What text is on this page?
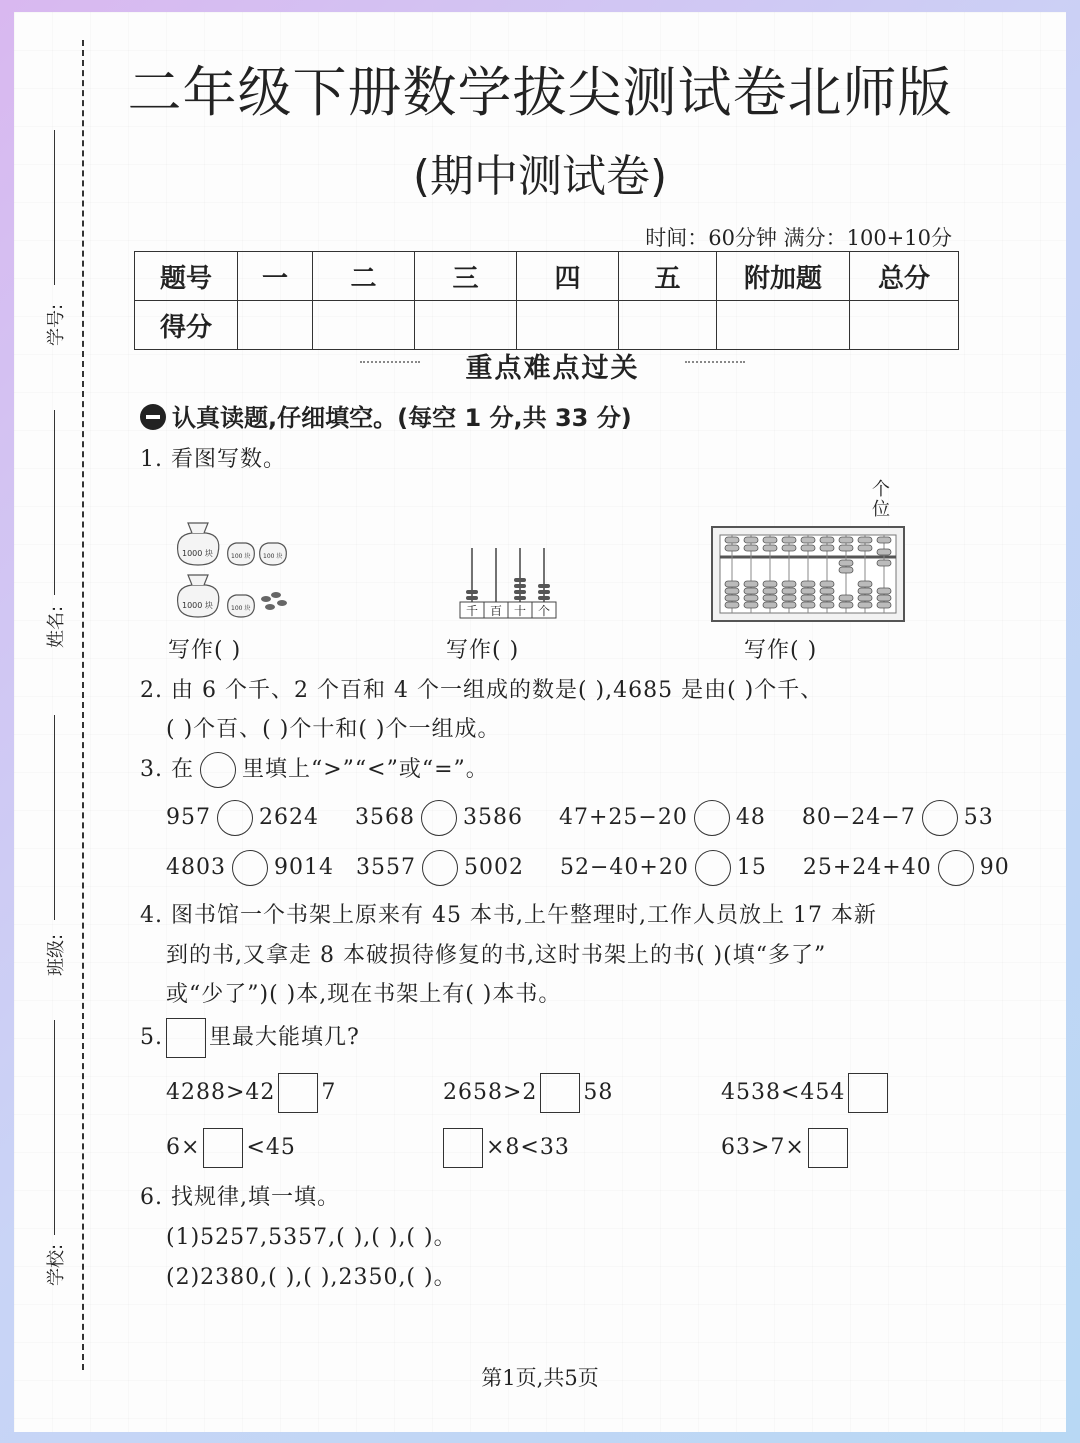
学号:
姓名:
班级:
学校:
二年级下册数学拔尖测试卷北师版
(期中测试卷)
时间：60分钟 满分：100+10分
题号	一	二	三	四	五	附加题	总分
得分							
重点难点过关
认真读题,仔细填空。(每空 1 分,共 33 分)
1. 看图写数。
1000 块
1000 块
100 块 100 块
100 块	千 百 十 个
个位
写作( )	写作( )	写作( )
2. 由 6 个千、2 个百和 4 个一组成的数是( ),4685 是由( )个千、
( )个百、( )个十和( )个一组成。
3. 在 里填上“>”“<”或“=”。
957 2624 3568 3586 47+25−20 48 80−24−7 53
4803 9014 3557 5002 52−40+20 15 25+24+40 90
4. 图书馆一个书架上原来有 45 本书,上午整理时,工作人员放上 17 本新
到的书,又拿走 8 本破损待修复的书,这时书架上的书( )(填“多了”
或“少了”)( )本,现在书架上有( )本书。
5. 里最大能填几?
4288>42 7	2658>2 58	4538<454
6× <45	×8<33	63>7×
6. 找规律,填一填。
(1)5257,5357,( ),( ),( )。
(2)2380,( ),( ),2350,( )。
第1页,共5页
